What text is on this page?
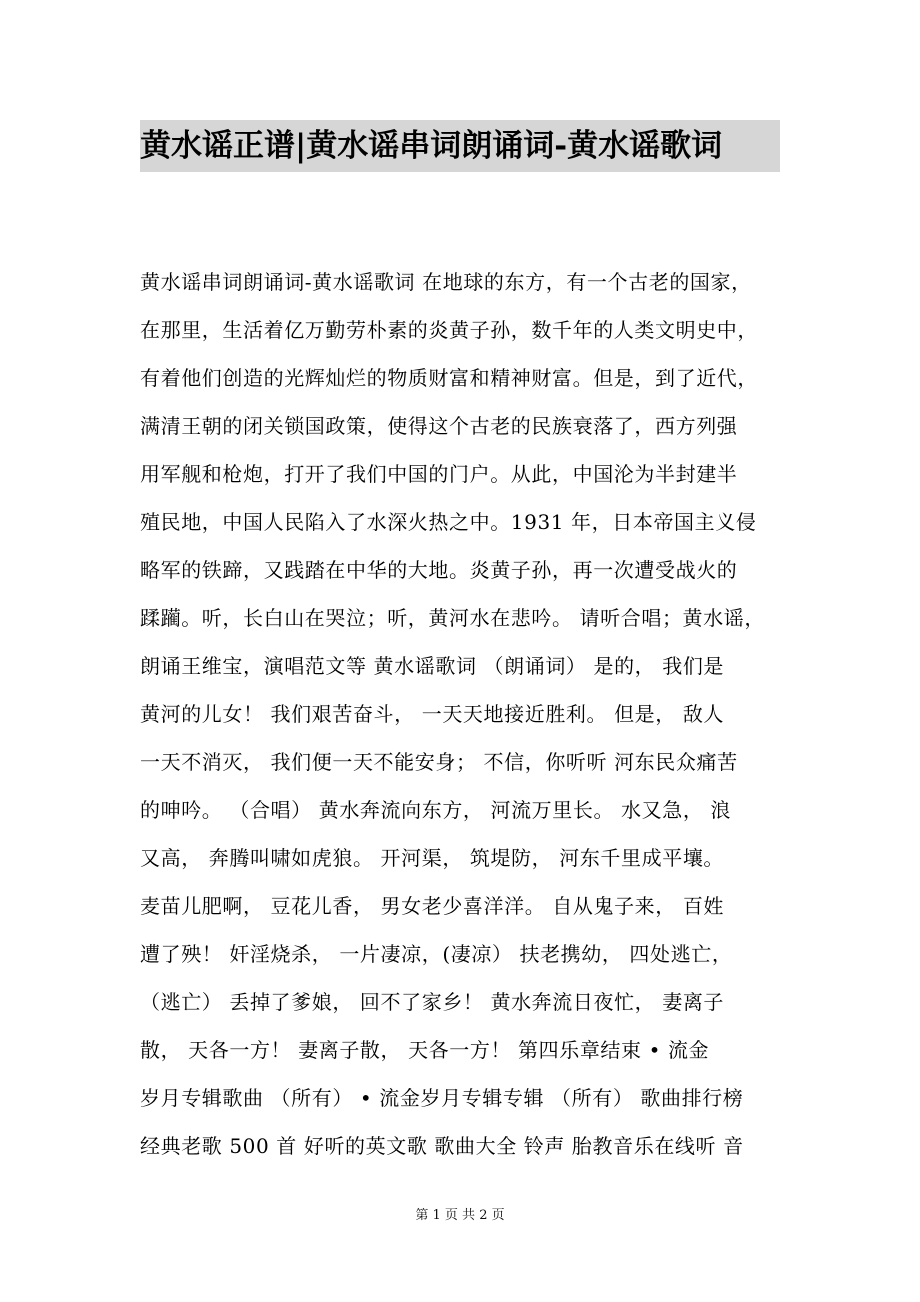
黄水谣正谱|黄水谣串词朗诵词-黄水谣歌词
黄水谣串词朗诵词-黄水谣歌词 在地球的东方，有一个古老的国家，
在那里，生活着亿万勤劳朴素的炎黄子孙，数千年的人类文明史中，
有着他们创造的光辉灿烂的物质财富和精神财富。但是，到了近代，
满清王朝的闭关锁国政策，使得这个古老的民族衰落了，西方列强
用军舰和枪炮，打开了我们中国的门户。从此，中国沦为半封建半
殖民地，中国人民陷入了水深火热之中。1931 年，日本帝国主义侵
略军的铁蹄，又践踏在中华的大地。炎黄子孙，再一次遭受战火的
蹂躏。听，长白山在哭泣；听，黄河水在悲吟。 请听合唱；黄水谣，
朗诵王维宝，演唱范文等 黄水谣歌词 （朗诵词） 是的， 我们是
黄河的儿女！ 我们艰苦奋斗， 一天天地接近胜利。 但是， 敌人
一天不消灭， 我们便一天不能安身； 不信，你听听 河东民众痛苦
的呻吟。 （合唱） 黄水奔流向东方， 河流万里长。 水又急， 浪
又高， 奔腾叫啸如虎狼。 开河渠， 筑堤防， 河东千里成平壤。
麦苗儿肥啊， 豆花儿香， 男女老少喜洋洋。 自从鬼子来， 百姓
遭了殃！ 奸淫烧杀， 一片凄凉，(凄凉） 扶老携幼， 四处逃亡，
（逃亡） 丢掉了爹娘， 回不了家乡！ 黄水奔流日夜忙， 妻离子
散， 天各一方！ 妻离子散， 天各一方！ 第四乐章结束 • 流金
岁月专辑歌曲 （所有） • 流金岁月专辑专辑 （所有） 歌曲排行榜
经典老歌 500 首 好听的英文歌 歌曲大全 铃声 胎教音乐在线听 音
第 1 页 共 2 页
